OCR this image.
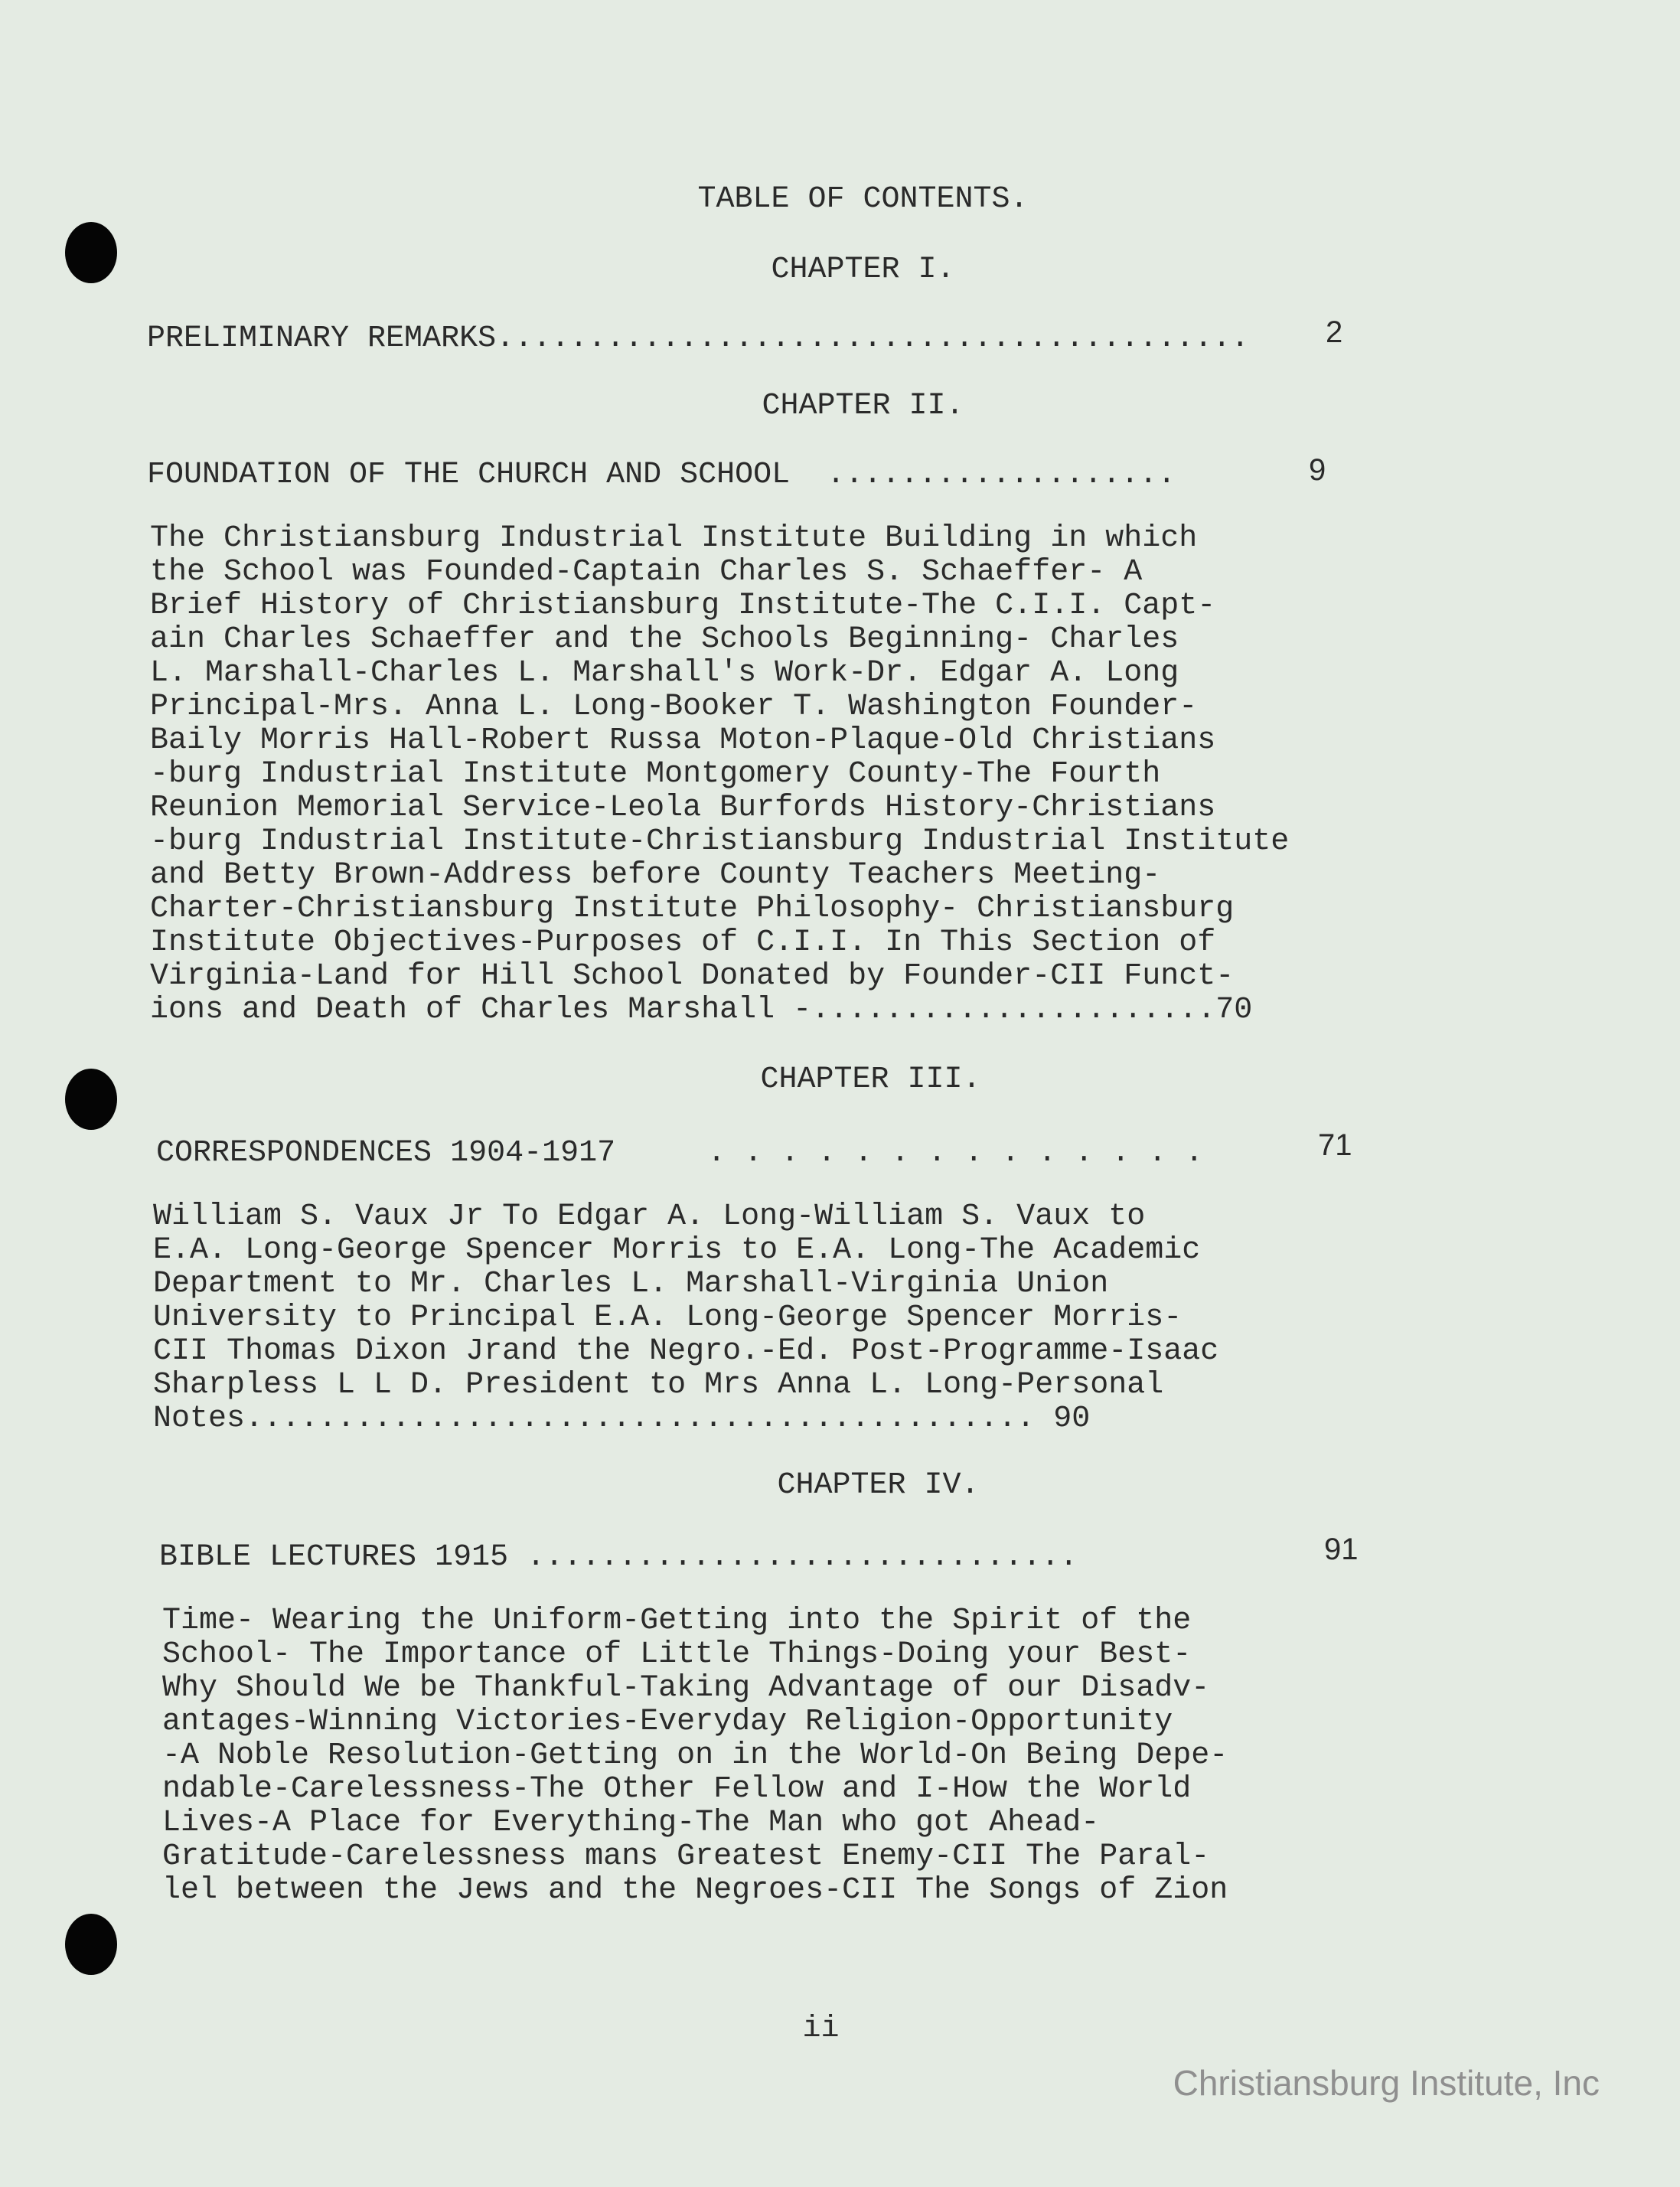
TABLE OF CONTENTS.
CHAPTER I.
PRELIMINARY REMARKS......................................... 2
CHAPTER II.
FOUNDATION OF THE CHURCH AND SCHOOL ...................	9
The Christiansburg Industrial Institute Building in which
the School was Founded-Captain Charles S. Schaeffer- A
Brief History of Christiansburg Institute-The C.I.I. Capt-
ain Charles Schaeffer and the Schools Beginning- Charles
L. Marshall-Charles L. Marshall's Work-Dr. Edgar A. Long
Principal-Mrs. Anna L. Long-Booker T. Washington Founder-
Baily Morris Hall-Robert Russa Moton-Plaque-Old Christians
-burg Industrial Institute Montgomery County-The Fourth
Reunion Memorial Service-Leola Burfords History-Christians
-burg Industrial Institute-Christiansburg Industrial Institute
and Betty Brown-Address before County Teachers Meeting-
Charter-Christiansburg Institute Philosophy- Christiansburg
Institute Objectives-Purposes of C.I.I. In This Section of
Virginia-Land for Hill School Donated by Founder-CII Funct-
ions and Death of Charles Marshall -......................70
CHAPTER III.
CORRESPONDENCES 1904-1917	. . . . . . . . . . . . . .	71
William S. Vaux Jr To Edgar A. Long-William S. Vaux to
E.A. Long-George Spencer Morris to E.A. Long-The Academic
Department to Mr. Charles L. Marshall-Virginia Union
University to Principal E.A. Long-George Spencer Morris-
CII Thomas Dixon Jrand the Negro.-Ed. Post-Programme-Isaac
Sharpless L L D. President to Mrs Anna L. Long-Personal
Notes........................................... 90
CHAPTER IV.
BIBLE LECTURES 1915 ..............................	91
Time- Wearing the Uniform-Getting into the Spirit of the
School- The Importance of Little Things-Doing your Best-
Why Should We be Thankful-Taking Advantage of our Disadv-
antages-Winning Victories-Everyday Religion-Opportunity
-A Noble Resolution-Getting on in the World-On Being Depe-
ndable-Carelessness-The Other Fellow and I-How the World
Lives-A Place for Everything-The Man who got Ahead-
Gratitude-Carelessness mans Greatest Enemy-CII The Paral-
lel between the Jews and the Negroes-CII The Songs of Zion
ii
Christiansburg Institute, Inc
